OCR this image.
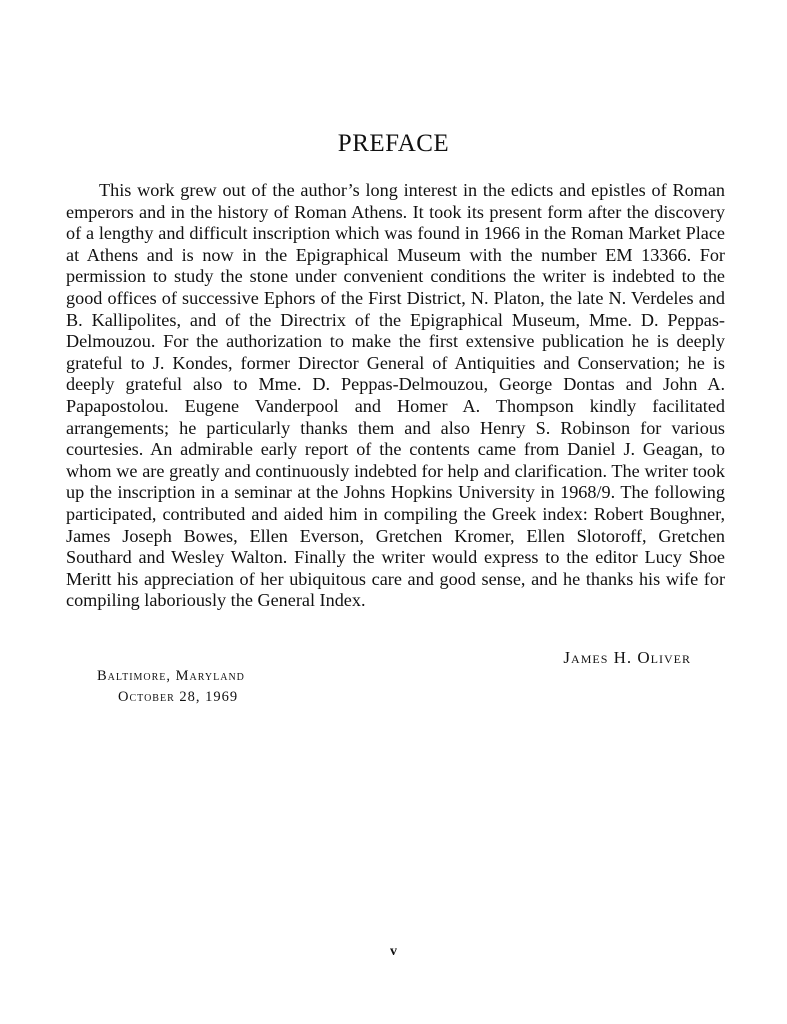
PREFACE

This work grew out of the author’s long interest in the edicts and epistles of Roman emperors and in the history of Roman Athens. It took its present form after the discovery of a lengthy and difficult inscription which was found in 1966 in the Roman Market Place at Athens and is now in the Epigraphical Museum with the number EM 13366. For permission to study the stone under convenient conditions the writer is indebted to the good offices of successive Ephors of the First District, N. Platon, the late N. Verdeles and B. Kallipolites, and of the Directrix of the Epigraphical Museum, Mme. D. Peppas-Delmouzou. For the authorization to make the first extensive publication he is deeply grateful to J. Kondes, former Director General of Antiquities and Conservation; he is deeply grateful also to Mme. D. Peppas-Delmouzou, George Dontas and John A. Papapostolou. Eugene Vanderpool and Homer A. Thompson kindly facilitated arrangements; he particularly thanks them and also Henry S. Robinson for various courtesies. An admirable early report of the contents came from Daniel J. Geagan, to whom we are greatly and continuously indebted for help and clarification. The writer took up the inscription in a seminar at the Johns Hopkins University in 1968/9. The following participated, contributed and aided him in compiling the Greek index: Robert Boughner, James Joseph Bowes, Ellen Everson, Gretchen Kromer, Ellen Slotoroff, Gretchen Southard and Wesley Walton. Finally the writer would express to the editor Lucy Shoe Meritt his appreciation of her ubiquitous care and good sense, and he thanks his wife for compiling laboriously the General Index.

James H. Oliver

Baltimore, Maryland

October 28, 1969

v
